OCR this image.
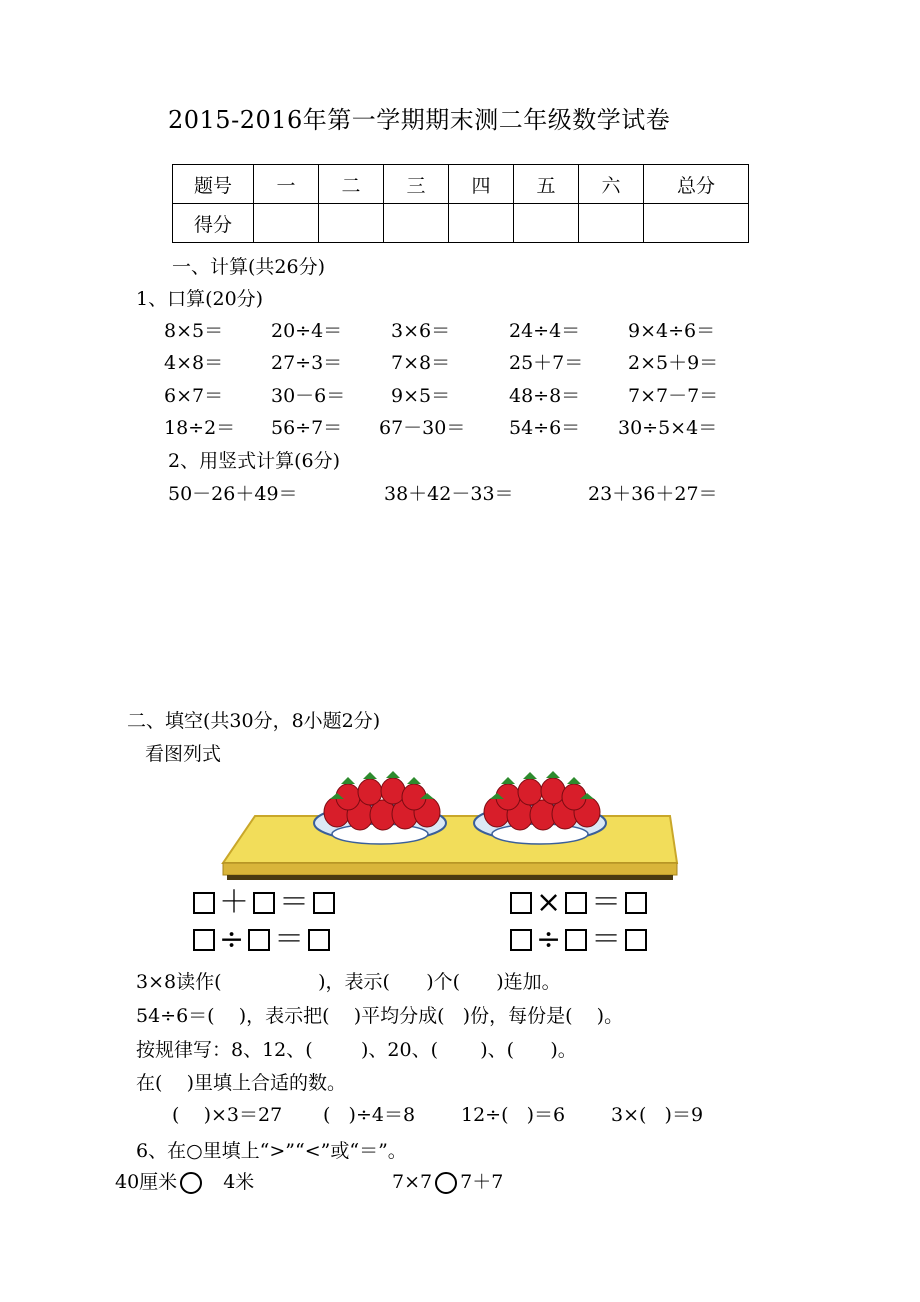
2015-2016年第一学期期末测二年级数学试卷
题号	一	二	三	四	五	六	总分
得分							
一、计算(共26分)
1、口算(20分)
8×5＝	20÷4＝	3×6＝	24÷4＝	9×4÷6＝
4×8＝	27÷3＝	7×8＝	25＋7＝ 2×5＋9＝
6×7＝	30－6＝ 9×5＝	48÷8＝	7×7－7＝
18÷2＝ 56÷7＝ 67－30＝ 54÷6＝ 30÷5×4＝
2、用竖式计算(6分)
50－26＋49＝	38＋42－33＝	23＋36＋27＝
二、填空(共30分，8小题2分)
看图列式
＋ ＝
÷ ＝
× ＝
÷ ＝
3×8读作(                )，表示(      )个(      )连加。
54÷6＝(    )，表示把(    )平均分成(   )份，每份是(    )。
按规律写：8、12、(        )、20、(       )、(      )。
在(    )里填上合适的数。
(    )×3＝27 (   )÷4＝8 12÷(   )＝6 3×(   )＝9
6、在○里填上“>”“<”或“＝”。
40厘米 4米	7×7 7＋7
